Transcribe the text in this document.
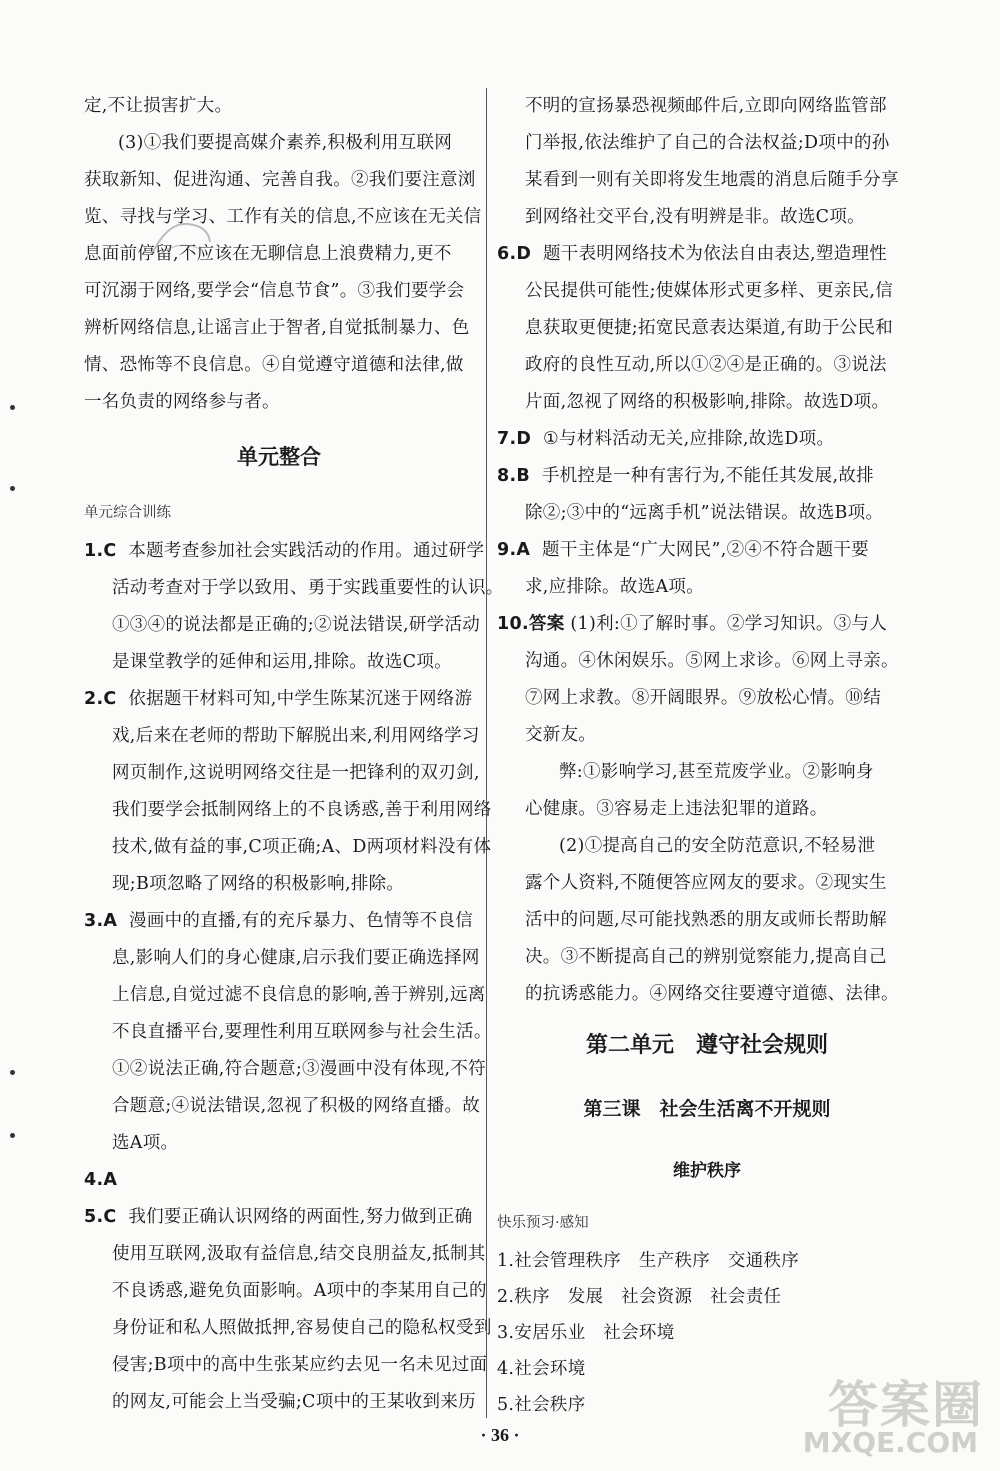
定,不让损害扩大。
(3)①我们要提高媒介素养,积极利用互联网
获取新知、促进沟通、完善自我。②我们要注意浏
览、寻找与学习、工作有关的信息,不应该在无关信
息面前停留,不应该在无聊信息上浪费精力,更不
可沉溺于网络,要学会“信息节食”。③我们要学会
辨析网络信息,让谣言止于智者,自觉抵制暴力、色
情、恐怖等不良信息。④自觉遵守道德和法律,做
一名负责的网络参与者。
单元整合
单元综合训练
1.C 本题考查参加社会实践活动的作用。通过研学
活动考查对于学以致用、勇于实践重要性的认识。
①③④的说法都是正确的;②说法错误,研学活动
是课堂教学的延伸和运用,排除。故选C项。
2.C 依据题干材料可知,中学生陈某沉迷于网络游
戏,后来在老师的帮助下解脱出来,利用网络学习
网页制作,这说明网络交往是一把锋利的双刃剑,
我们要学会抵制网络上的不良诱惑,善于利用网络
技术,做有益的事,C项正确;A、D两项材料没有体
现;B项忽略了网络的积极影响,排除。
3.A 漫画中的直播,有的充斥暴力、色情等不良信
息,影响人们的身心健康,启示我们要正确选择网
上信息,自觉过滤不良信息的影响,善于辨别,远离
不良直播平台,要理性利用互联网参与社会生活。
①②说法正确,符合题意;③漫画中没有体现,不符
合题意;④说法错误,忽视了积极的网络直播。故
选A项。
4.A
5.C 我们要正确认识网络的两面性,努力做到正确
使用互联网,汲取有益信息,结交良朋益友,抵制其
不良诱惑,避免负面影响。A项中的李某用自己的
身份证和私人照做抵押,容易使自己的隐私权受到
侵害;B项中的高中生张某应约去见一名未见过面
的网友,可能会上当受骗;C项中的王某收到来历
不明的宣扬暴恐视频邮件后,立即向网络监管部
门举报,依法维护了自己的合法权益;D项中的孙
某看到一则有关即将发生地震的消息后随手分享
到网络社交平台,没有明辨是非。故选C项。
6.D 题干表明网络技术为依法自由表达,塑造理性
公民提供可能性;使媒体形式更多样、更亲民,信
息获取更便捷;拓宽民意表达渠道,有助于公民和
政府的良性互动,所以①②④是正确的。③说法
片面,忽视了网络的积极影响,排除。故选D项。
7.D ①与材料活动无关,应排除,故选D项。
8.B 手机控是一种有害行为,不能任其发展,故排
除②;③中的“远离手机”说法错误。故选B项。
9.A 题干主体是“广大网民”,②④不符合题干要
求,应排除。故选A项。
10.答案 (1)利:①了解时事。②学习知识。③与人
沟通。④休闲娱乐。⑤网上求诊。⑥网上寻亲。
⑦网上求教。⑧开阔眼界。⑨放松心情。⑩结
交新友。
弊:①影响学习,甚至荒废学业。②影响身
心健康。③容易走上违法犯罪的道路。
(2)①提高自己的安全防范意识,不轻易泄
露个人资料,不随便答应网友的要求。②现实生
活中的问题,尽可能找熟悉的朋友或师长帮助解
决。③不断提高自己的辨别觉察能力,提高自己
的抗诱惑能力。④网络交往要遵守道德、法律。
第二单元　遵守社会规则
第三课　社会生活离不开规则
维护秩序
快乐预习·感知
1.社会管理秩序　生产秩序　交通秩序
2.秩序　发展　社会资源　社会责任
3.安居乐业　社会环境
4.社会环境
5.社会秩序
· 36 ·
答案圈
MXQE.COM
